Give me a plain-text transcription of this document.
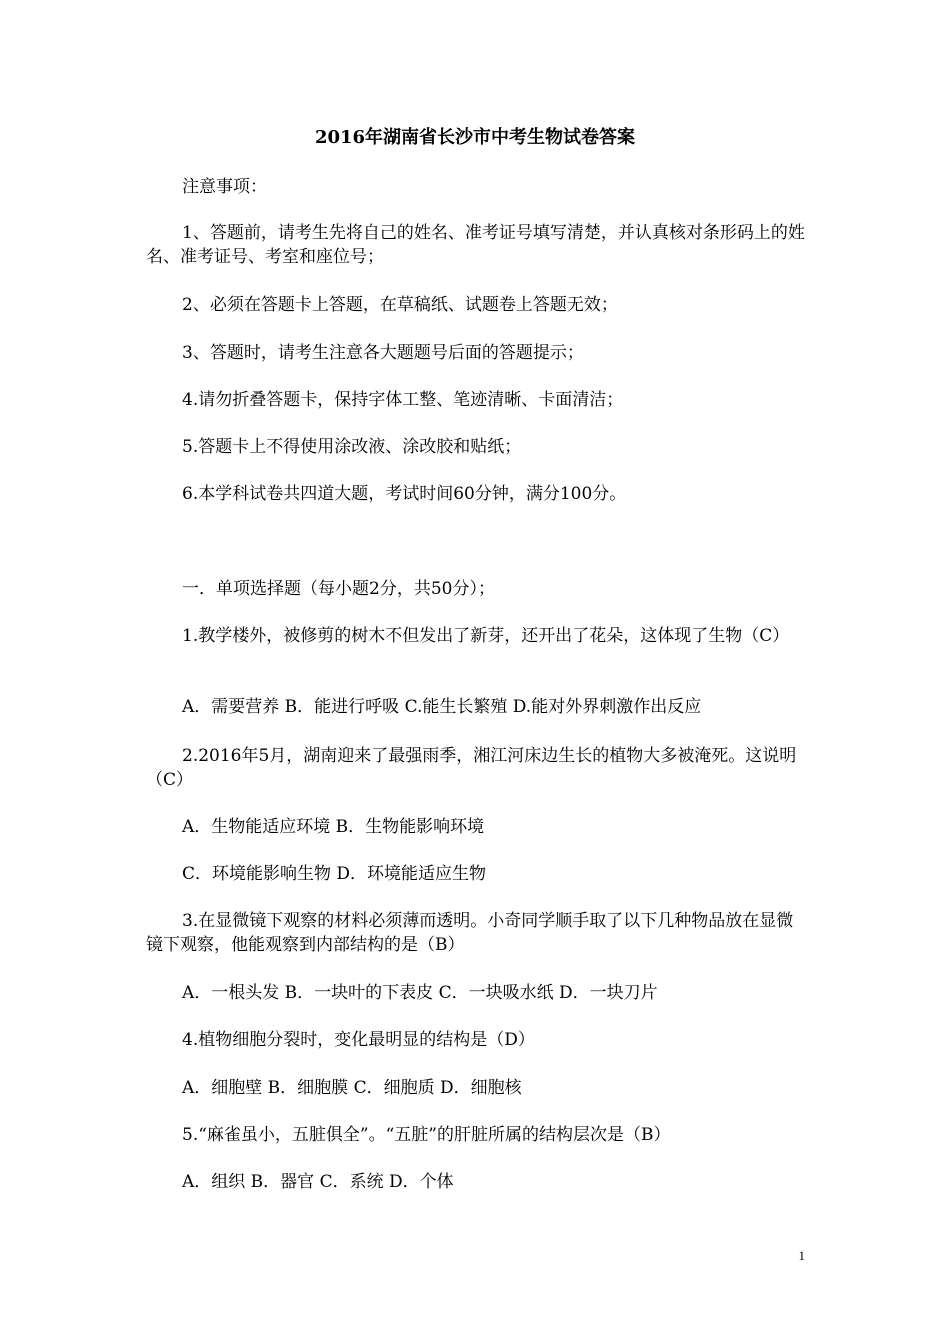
2016年湖南省长沙市中考生物试卷答案
注意事项：
1、答题前，请考生先将自己的姓名、准考证号填写清楚，并认真核对条形码上的姓名、准考证号、考室和座位号；
2、必须在答题卡上答题，在草稿纸、试题卷上答题无效；
3、答题时，请考生注意各大题题号后面的答题提示；
4.请勿折叠答题卡，保持字体工整、笔迹清晰、卡面清洁；
5.答题卡上不得使用涂改液、涂改胶和贴纸；
6.本学科试卷共四道大题，考试时间60分钟，满分100分。
一．单项选择题（每小题2分，共50分）；
1.教学楼外，被修剪的树木不但发出了新芽，还开出了花朵，这体现了生物（C）
A．需要营养 B．能进行呼吸 C.能生长繁殖 D.能对外界刺激作出反应
2.2016年5月，湖南迎来了最强雨季，湘江河床边生长的植物大多被淹死。这说明（C）
A．生物能适应环境 B．生物能影响环境
C．环境能影响生物 D．环境能适应生物
3.在显微镜下观察的材料必须薄而透明。小奇同学顺手取了以下几种物品放在显微镜下观察，他能观察到内部结构的是（B）
A．一根头发 B．一块叶的下表皮 C．一块吸水纸 D．一块刀片
4.植物细胞分裂时，变化最明显的结构是（D）
A．细胞壁 B．细胞膜 C．细胞质 D．细胞核
5.“麻雀虽小，五脏俱全”。“五脏”的肝脏所属的结构层次是（B）
A．组织 B．器官 C．系统 D．个体
1
